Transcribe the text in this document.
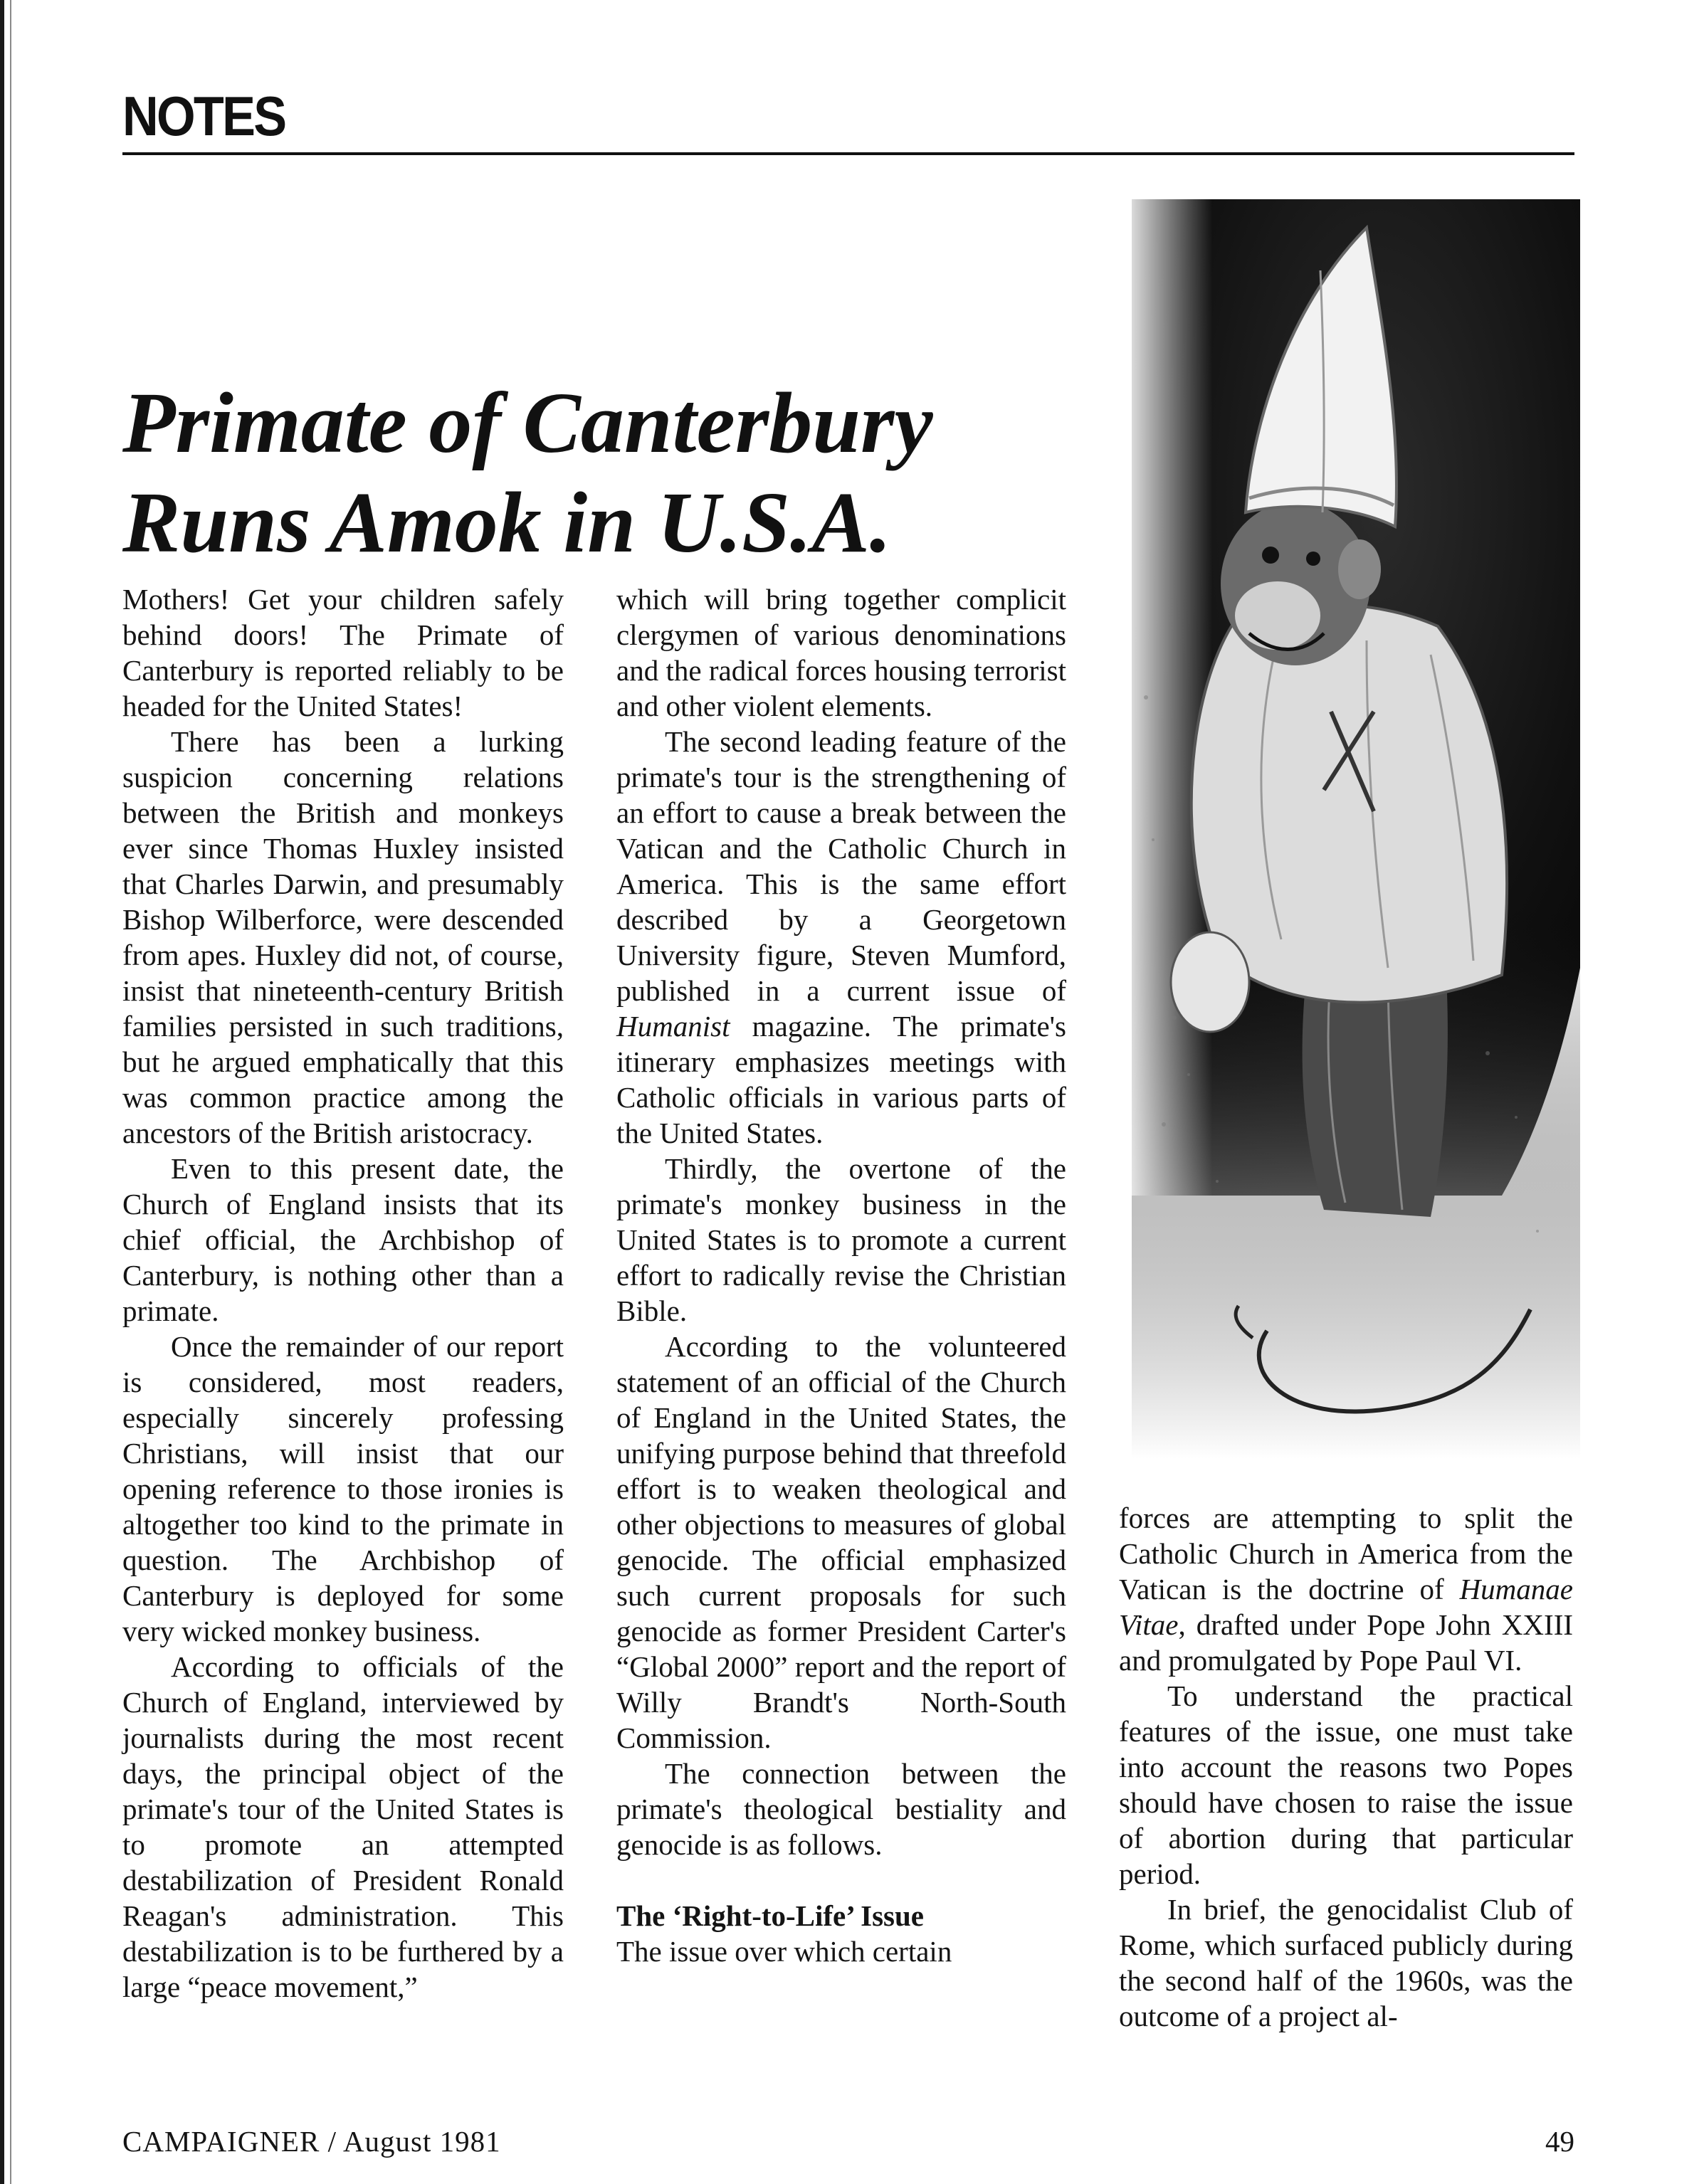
NOTES
Primate of Canterbury
Runs Amok in U.S.A.

Mothers! Get your children safely behind doors! The Primate of Canterbury is reported reliably to be headed for the United States!

There has been a lurking suspicion concerning relations between the British and monkeys ever since Thomas Huxley insisted that Charles Darwin, and presumably Bishop Wilberforce, were descended from apes. Huxley did not, of course, insist that nineteenth-century British families persisted in such traditions, but he argued emphatically that this was common practice among the ancestors of the British aristocracy.

Even to this present date, the Church of England insists that its chief official, the Archbishop of Canterbury, is nothing other than a primate.

Once the remainder of our report is considered, most readers, especially sincerely professing Christians, will insist that our opening reference to those ironies is altogether too kind to the primate in question. The Archbishop of Canterbury is deployed for some very wicked monkey business.

According to officials of the Church of England, interviewed by journalists during the most recent days, the principal object of the primate's tour of the United States is to promote an attempted destabilization of President Ronald Reagan's administration. This destabilization is to be furthered by a large “peace movement,”

which will bring together complicit clergymen of various denominations and the radical forces housing terrorist and other violent elements.

The second leading feature of the primate's tour is the strengthening of an effort to cause a break between the Vatican and the Catholic Church in America. This is the same effort described by a Georgetown University figure, Steven Mumford, published in a current issue of Humanist magazine. The primate's itinerary emphasizes meetings with Catholic officials in various parts of the United States.

Thirdly, the overtone of the primate's monkey business in the United States is to promote a current effort to radically revise the Christian Bible.

According to the volunteered statement of an official of the Church of England in the United States, the unifying purpose behind that threefold effort is to weaken theological and other objections to measures of global genocide. The official emphasized such current proposals for such genocide as former President Carter's “Global 2000” report and the report of Willy Brandt's North-South Commission.

The connection between the primate's theological bestiality and genocide is as follows.

The ‘Right-to-Life’ Issue

The issue over which certain

forces are attempting to split the Catholic Church in America from the Vatican is the doctrine of Humanae Vitae, drafted under Pope John XXIII and promulgated by Pope Paul VI.

To understand the practical features of the issue, one must take into account the reasons two Popes should have chosen to raise the issue of abortion during that particular period.

In brief, the genocidalist Club of Rome, which surfaced publicly during the second half of the 1960s, was the outcome of a project al-

CAMPAIGNER / August 1981	49
